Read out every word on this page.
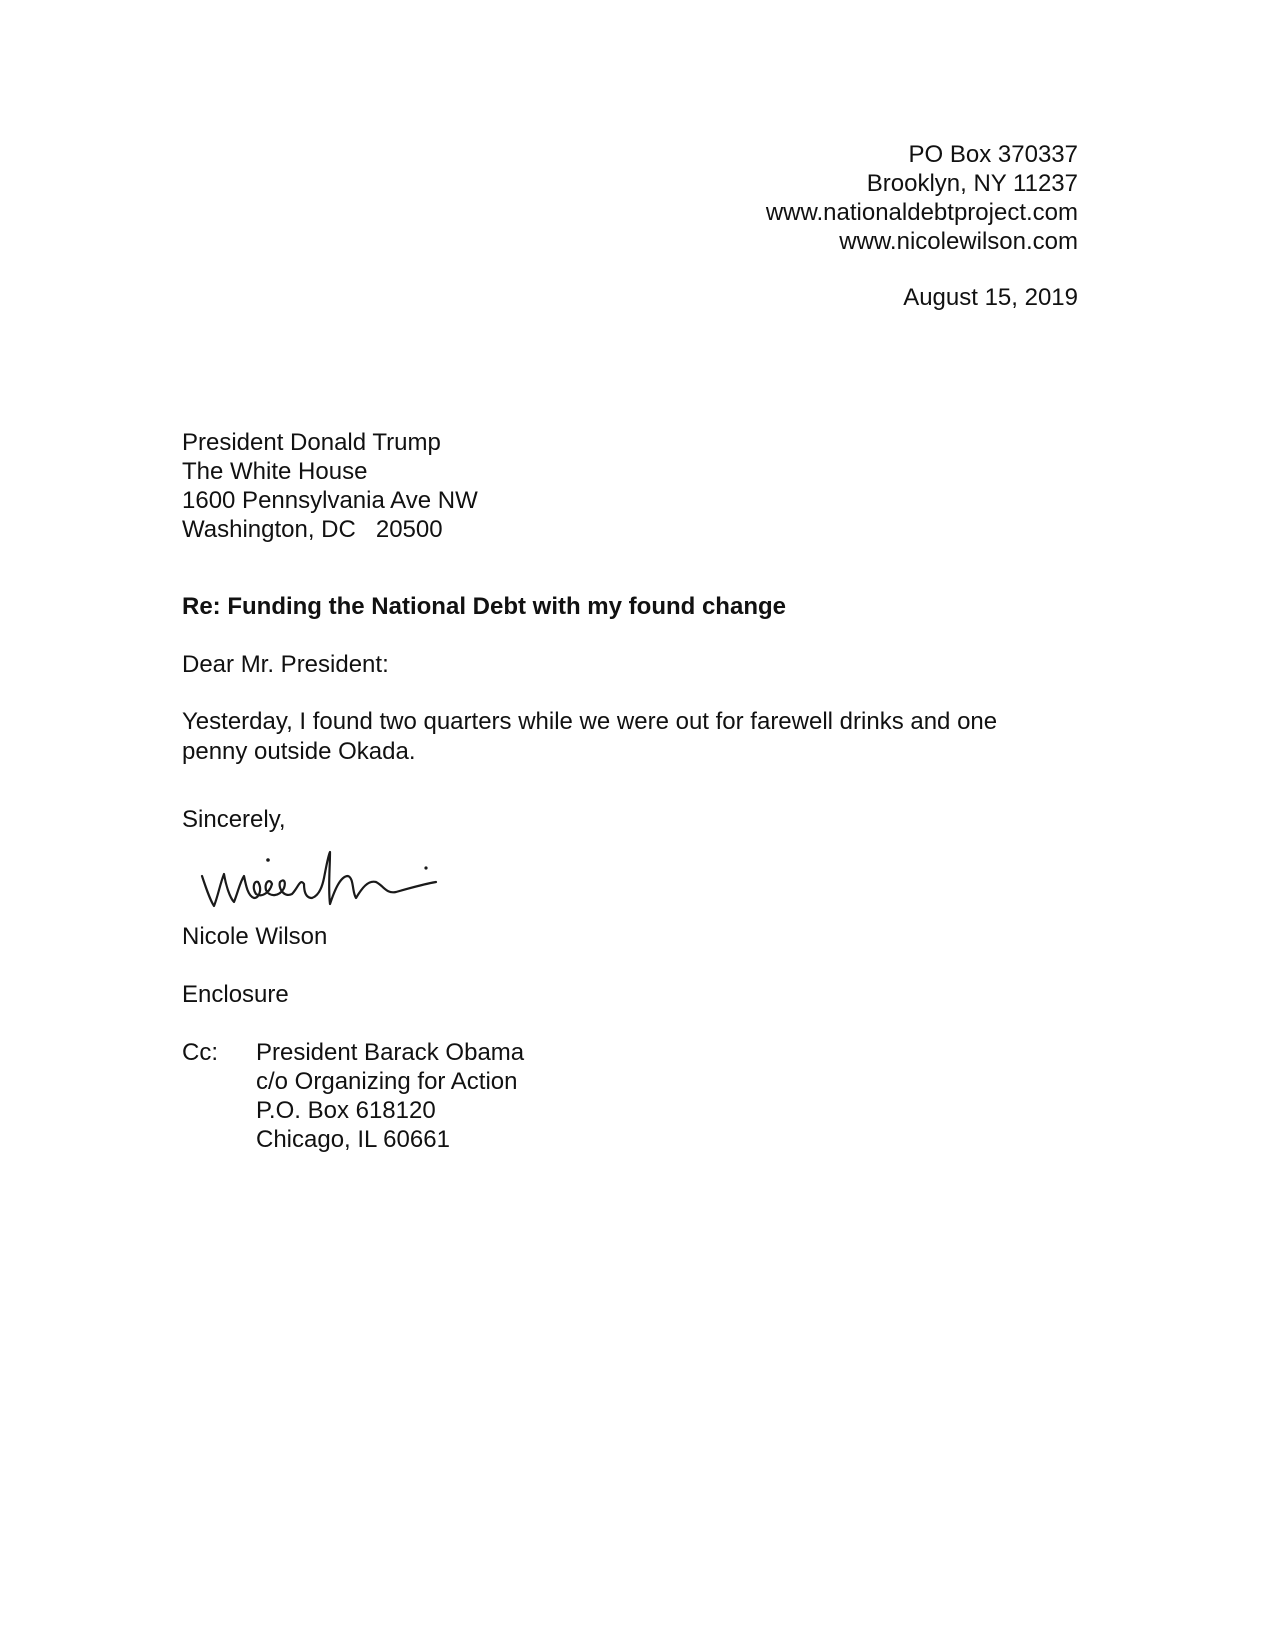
PO Box 370337
Brooklyn, NY 11237
www.nationaldebtproject.com
www.nicolewilson.com
August 15, 2019
President Donald Trump
The White House
1600 Pennsylvania Ave NW
Washington, DC   20500
Re: Funding the National Debt with my found change
Dear Mr. President:
Yesterday, I found two quarters while we were out for farewell drinks and one penny outside Okada.
Sincerely,
Nicole Wilson
Enclosure
Cc: President Barack Obama
c/o Organizing for Action
P.O. Box 618120
Chicago, IL 60661
